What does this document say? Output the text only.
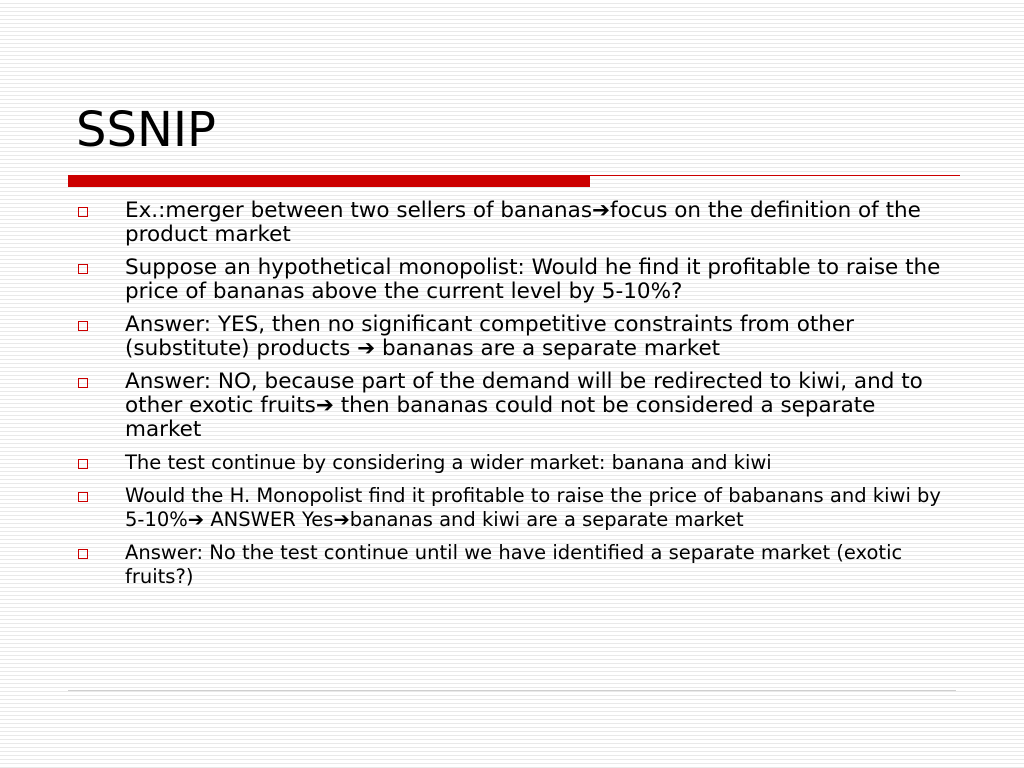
SSNIP
Ex.:merger between two sellers of bananas➔focus on the definition of the product market
Suppose an hypothetical monopolist: Would he find it profitable to raise the price of bananas above the current level by 5-10%?
Answer: YES, then no significant competitive constraints from other (substitute) products ➔ bananas are a separate market
Answer: NO, because part of the demand will be redirected to kiwi, and to other exotic fruits➔ then bananas could not be considered a separate market
The test continue by considering a wider market: banana and kiwi
Would the H. Monopolist find it profitable to raise the price of babanans and kiwi by 5-10%➔ ANSWER Yes➔bananas and kiwi are a separate market
Answer: No the test continue until we have identified a separate market (exotic fruits?)
